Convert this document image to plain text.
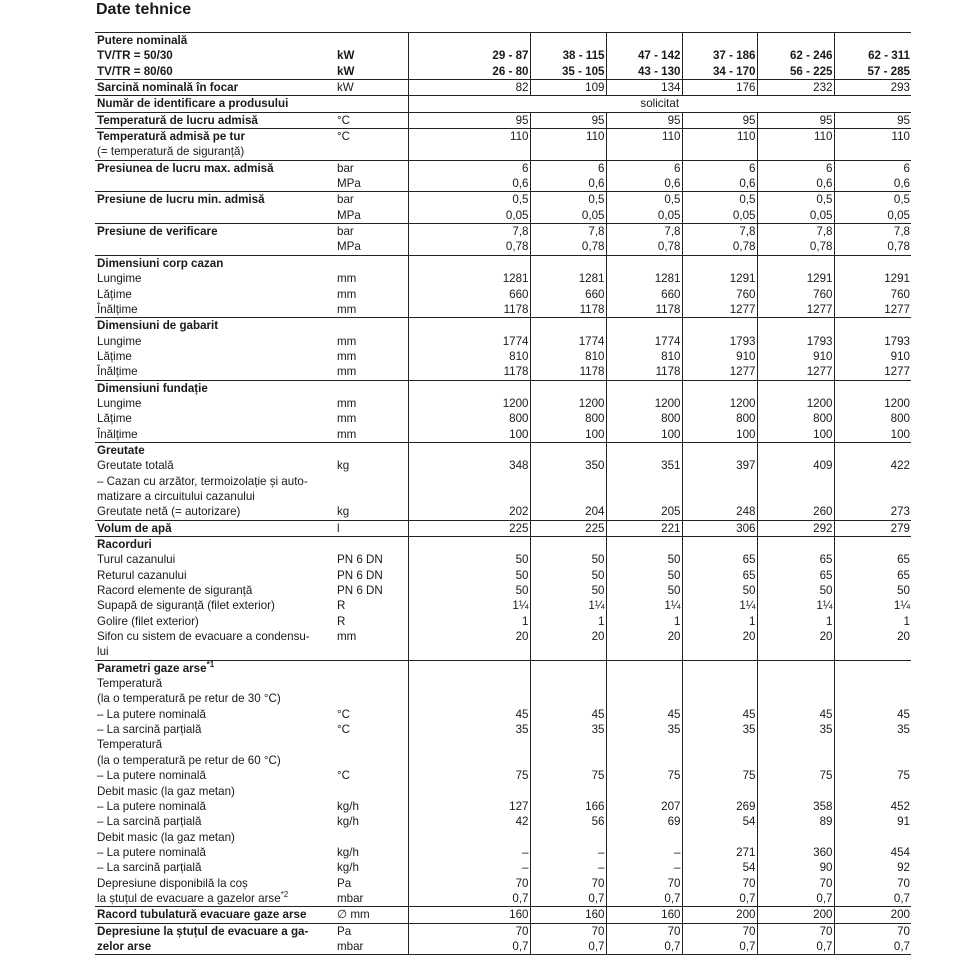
Date tehnice
Putere nominală							
TV/TR = 50/30	kW	29 - 87	38 - 115	47 - 142	37 - 186	62 - 246	62 - 311
TV/TR = 80/60	kW	26 - 80	35 - 105	43 - 130	34 - 170	56 - 225	57 - 285
Sarcină nominală în focar	kW	82	109	134	176	232	293
Număr de identificare a produsului		solicitat					
Temperatură de lucru admisă	°C	95	95	95	95	95	95
Temperatură admisă pe tur	°C	110	110	110	110	110	110
(= temperatură de siguranță)							
Presiunea de lucru max. admisă	bar	6	6	6	6	6	6
	MPa	0,6	0,6	0,6	0,6	0,6	0,6
Presiune de lucru min. admisă	bar	0,5	0,5	0,5	0,5	0,5	0,5
	MPa	0,05	0,05	0,05	0,05	0,05	0,05
Presiune de verificare	bar	7,8	7,8	7,8	7,8	7,8	7,8
	MPa	0,78	0,78	0,78	0,78	0,78	0,78
Dimensiuni corp cazan							
Lungime	mm	1281	1281	1281	1291	1291	1291
Lățime	mm	660	660	660	760	760	760
Înălțime	mm	1178	1178	1178	1277	1277	1277
Dimensiuni de gabarit							
Lungime	mm	1774	1774	1774	1793	1793	1793
Lățime	mm	810	810	810	910	910	910
Înălțime	mm	1178	1178	1178	1277	1277	1277
Dimensiuni fundație							
Lungime	mm	1200	1200	1200	1200	1200	1200
Lățime	mm	800	800	800	800	800	800
Înălțime	mm	100	100	100	100	100	100
Greutate							
Greutate totală	kg	348	350	351	397	409	422
– Cazan cu arzător, termoizolație și auto-							
matizare a circuitului cazanului							
Greutate netă (= autorizare)	kg	202	204	205	248	260	273
Volum de apă	l	225	225	221	306	292	279
Racorduri							
Turul cazanului	PN 6 DN	50	50	50	65	65	65
Returul cazanului	PN 6 DN	50	50	50	65	65	65
Racord elemente de siguranță	PN 6 DN	50	50	50	50	50	50
Supapă de siguranță (filet exterior)	R	1¼	1¼	1¼	1¼	1¼	1¼
Golire (filet exterior)	R	1	1	1	1	1	1
Sifon cu sistem de evacuare a condensu-	mm	20	20	20	20	20	20
lui							
Parametri gaze arse$^{*1}$							
Temperatură							
(la o temperatură pe retur de 30 °C)							
– La putere nominală	°C	45	45	45	45	45	45
– La sarcină parțială	°C	35	35	35	35	35	35
Temperatură							
(la o temperatură pe retur de 60 °C)							
– La putere nominală	°C	75	75	75	75	75	75
Debit masic (la gaz metan)							
– La putere nominală	kg/h	127	166	207	269	358	452
– La sarcină parțială	kg/h	42	56	69	54	89	91
Debit masic (la gaz metan)							
– La putere nominală	kg/h	–	–	–	271	360	454
– La sarcină parțială	kg/h	–	–	–	54	90	92
Depresiune disponibilă la coș	Pa	70	70	70	70	70	70
la ștuțul de evacuare a gazelor arse$^{*2}$	mbar	0,7	0,7	0,7	0,7	0,7	0,7
Racord tubulatură evacuare gaze arse	∅ mm	160	160	160	200	200	200
Depresiune la ștuțul de evacuare a ga-	Pa	70	70	70	70	70	70
zelor arse	mbar	0,7	0,7	0,7	0,7	0,7	0,7
